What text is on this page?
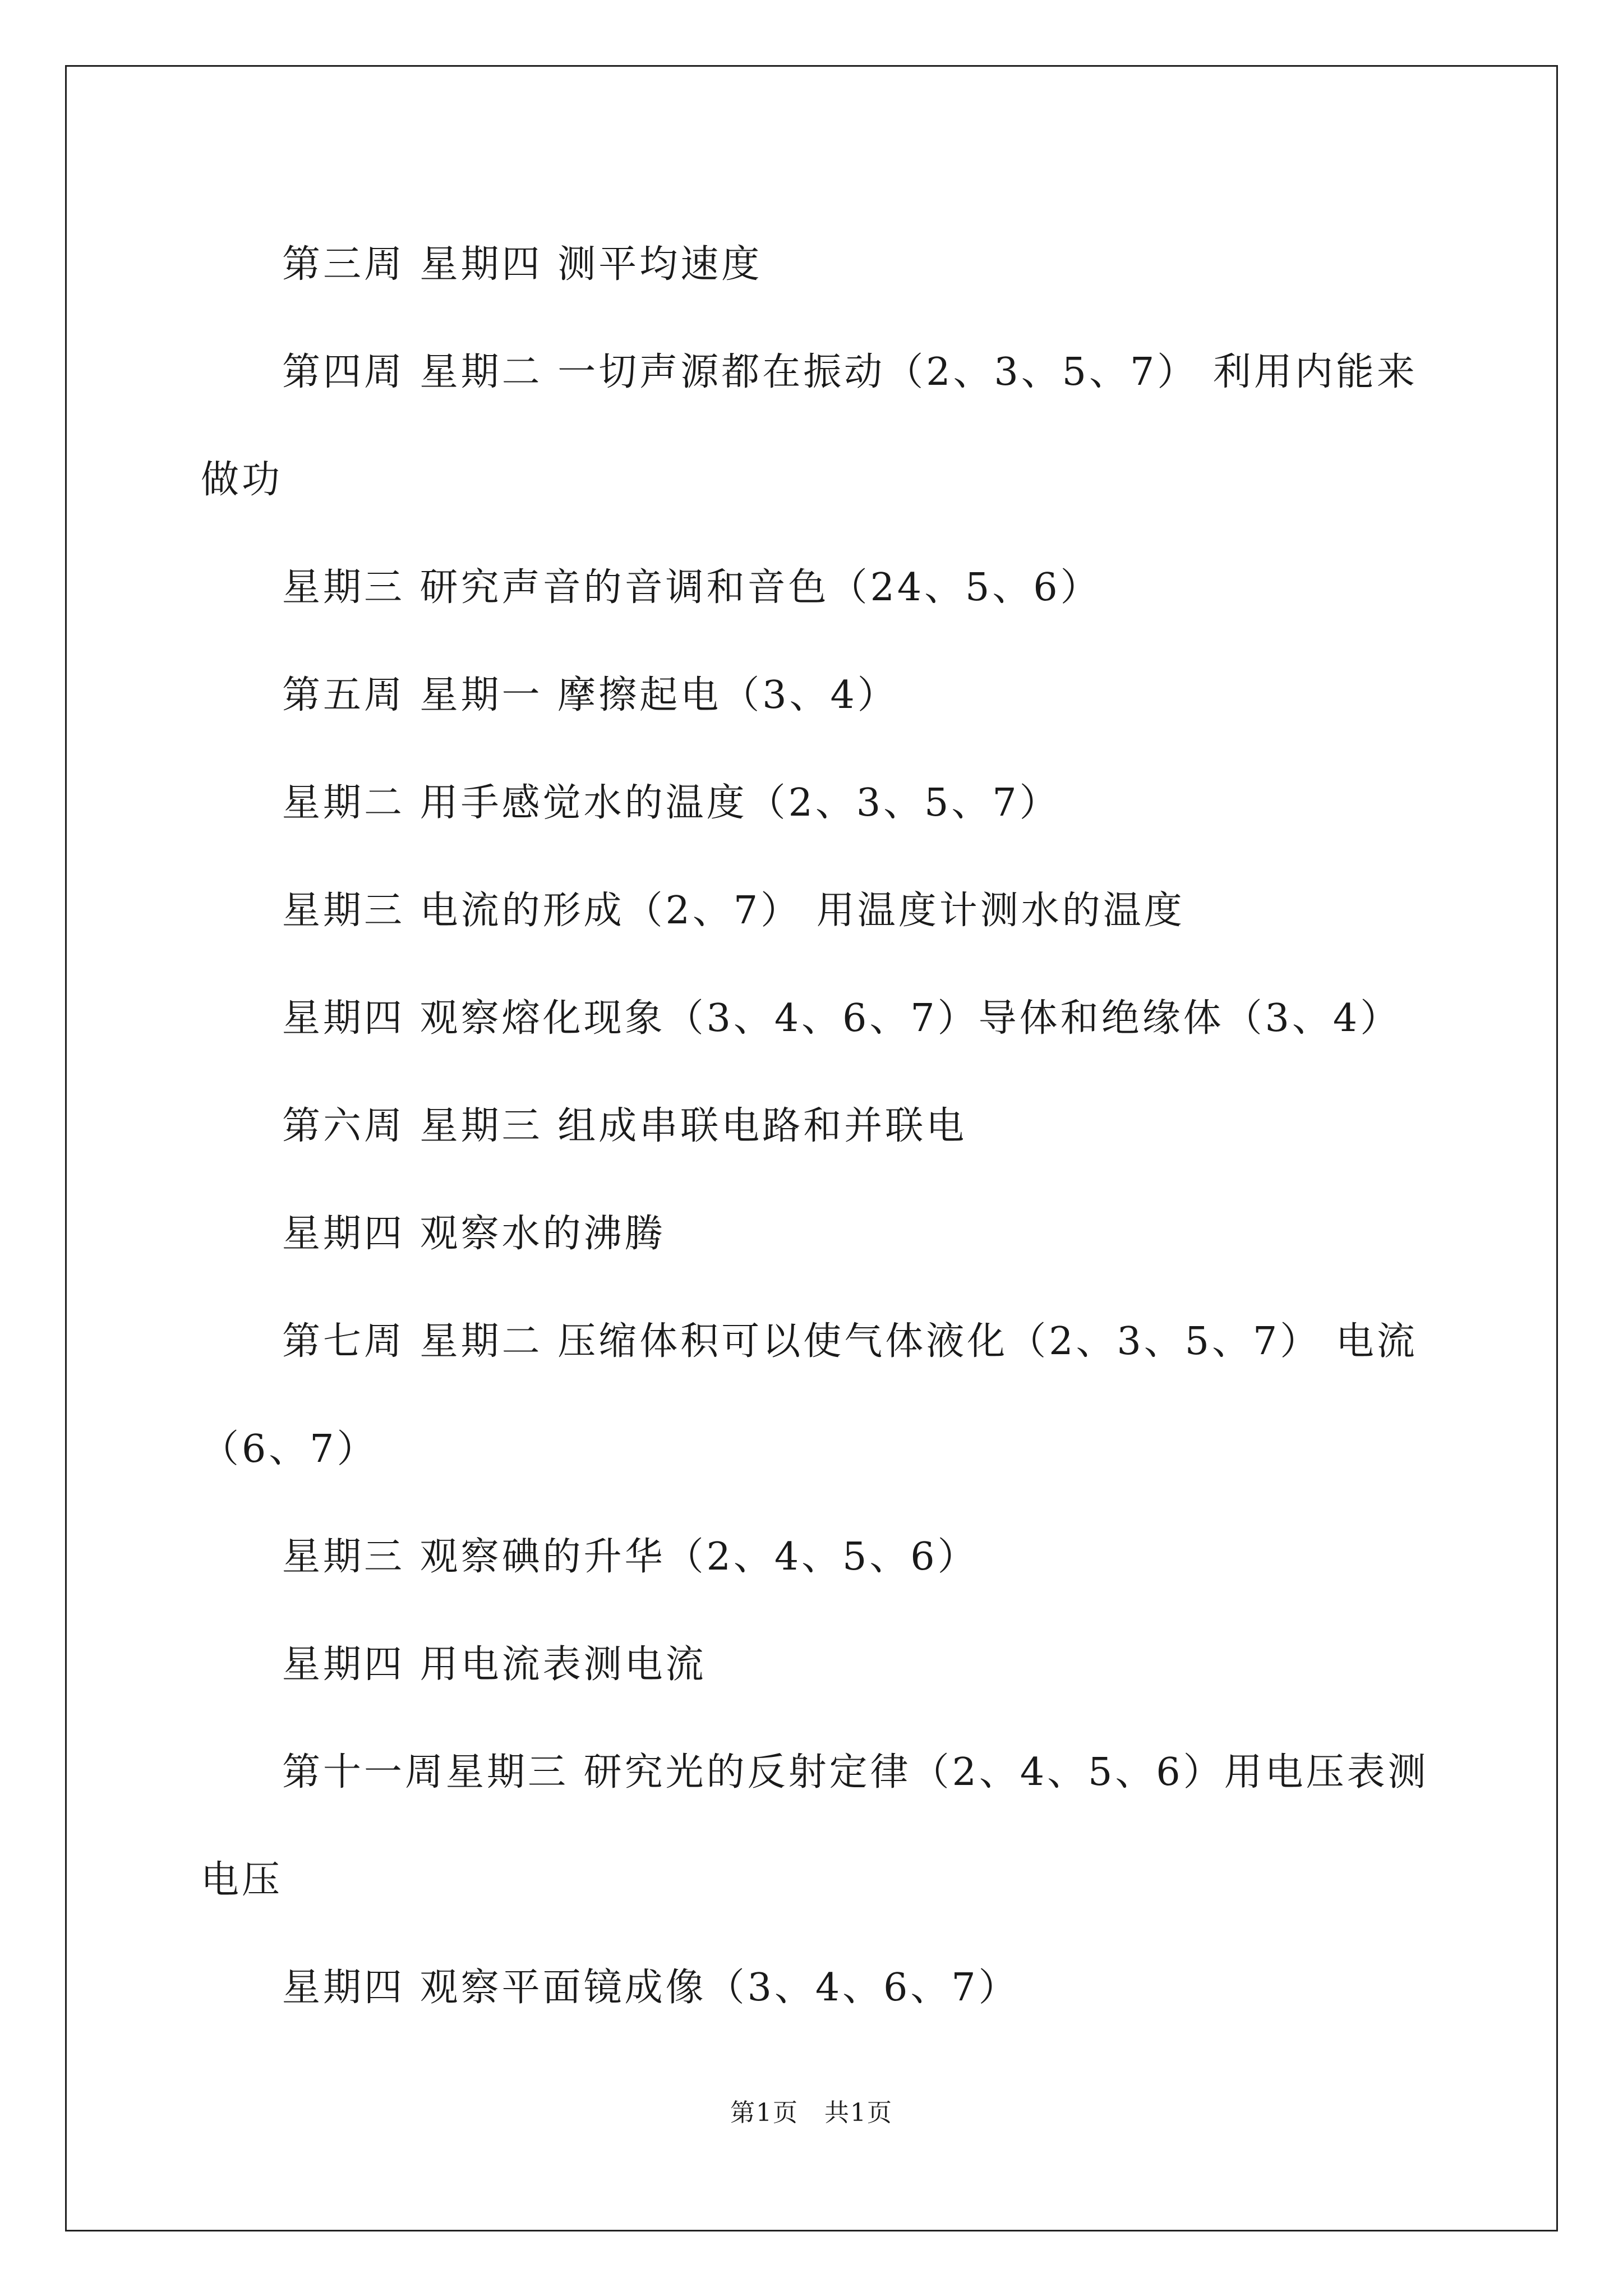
第三周 星期四 测平均速度

第四周 星期二 一切声源都在振动（2、3、5、7） 利用内能来做功

星期三 研究声音的音调和音色（24、5、6）

第五周 星期一 摩擦起电（3、4）

星期二 用手感觉水的温度（2、3、5、7）

星期三 电流的形成（2、7） 用温度计测水的温度

星期四 观察熔化现象（3、4、6、7）导体和绝缘体（3、4）

第六周 星期三 组成串联电路和并联电

星期四 观察水的沸腾

第七周 星期二 压缩体积可以使气体液化（2、3、5、7） 电流（6、7）

星期三 观察碘的升华（2、4、5、6）

星期四 用电流表测电流

第十一周星期三 研究光的反射定律（2、4、5、6）用电压表测电压

星期四 观察平面镜成像（3、4、6、7）

第1页　共1页
